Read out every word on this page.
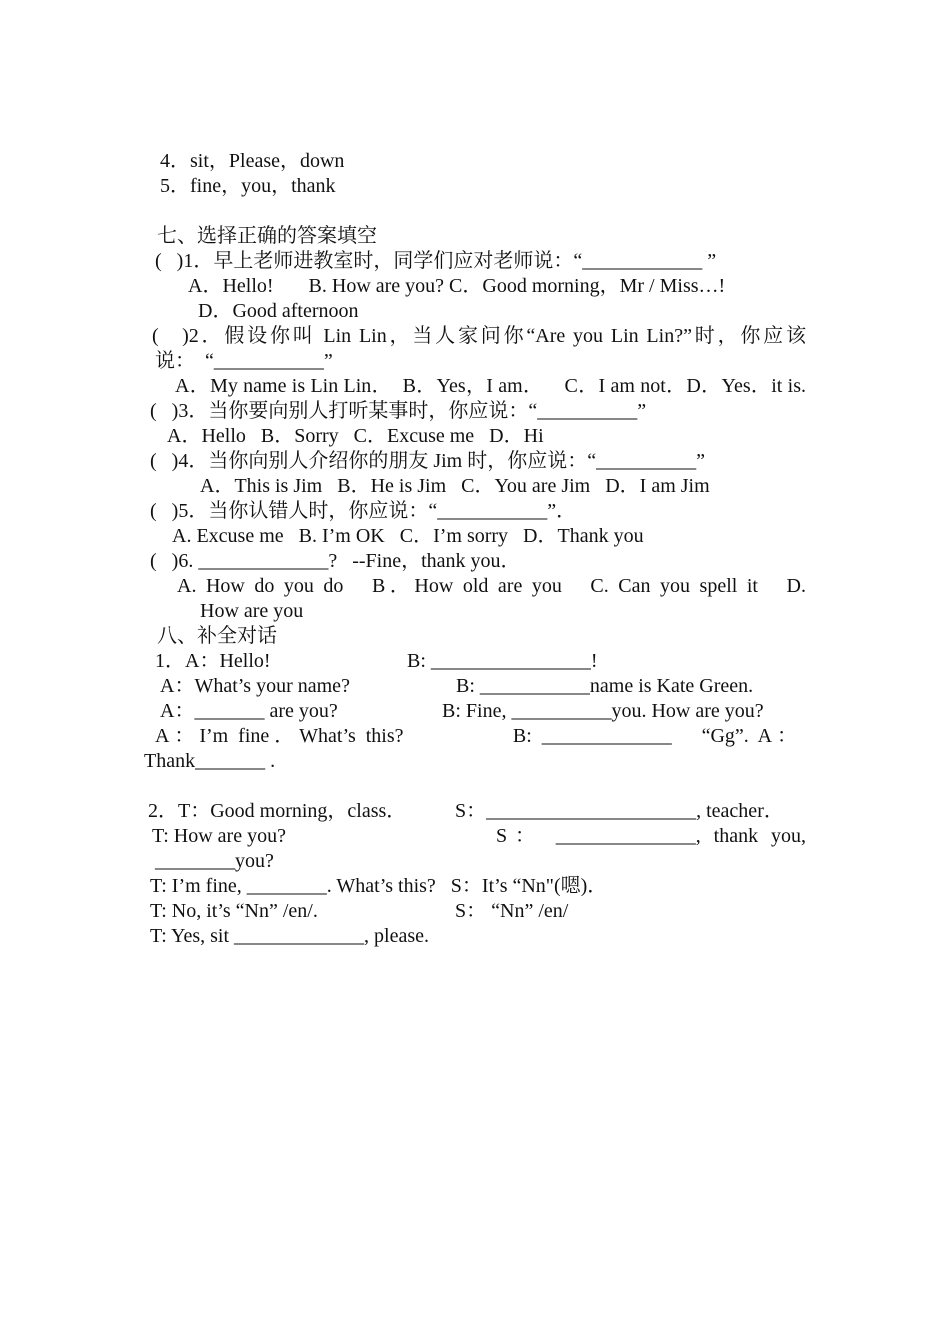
4．sit，Please，down
5．fine，you，thank
七、选择正确的答案填空
(   )1．早上老师进教室时，同学们应对老师说：“____________ ”
A．Hello!       B. How are you? C．Good morning，Mr / Miss…!
D．Good afternoon
(   )2．假设你叫 Lin Lin，当人家问你“Are you Lin Lin?”时，你应该
说：  “___________”
A．My name is Lin Lin．  B．Yes，I am．    C．I am not．D．Yes．it is.
(   )3．当你要向别人打听某事时，你应说：“__________”
A．Hello   B．Sorry   C．Excuse me   D．Hi
(   )4．当你向别人介绍你的朋友 Jim 时，你应说：“__________”
A．This is Jim   B．He is Jim   C．You are Jim   D．I am Jim
(   )5．当你认错人时，你应说：“___________”．
A. Excuse me   B. I’m OK   C．I’m sorry   D．Thank you
(   )6. _____________?   --Fine，thank you．
A. How do you do   B．How old are you   C. Can you spell it   D.
How are you
八、补全对话
1．A：Hello!	B: ________________!
A：What’s your name?	B: ___________name is Kate Green.
A：_______ are you?	B: Fine, __________you. How are you?
A：I’m fine．What’s this?           B: _____________   “Gg”. A：
Thank_______ .
2．T：Good morning，class． S：_____________________, teacher．
T: How are you?	S： ______________, thank you,
________you?
T: I’m fine, ________. What’s this?   S：It’s “Nn"(嗯)．
T: No, it’s “Nn” /en/.	S： “Nn” /en/
T: Yes, sit _____________, please.
